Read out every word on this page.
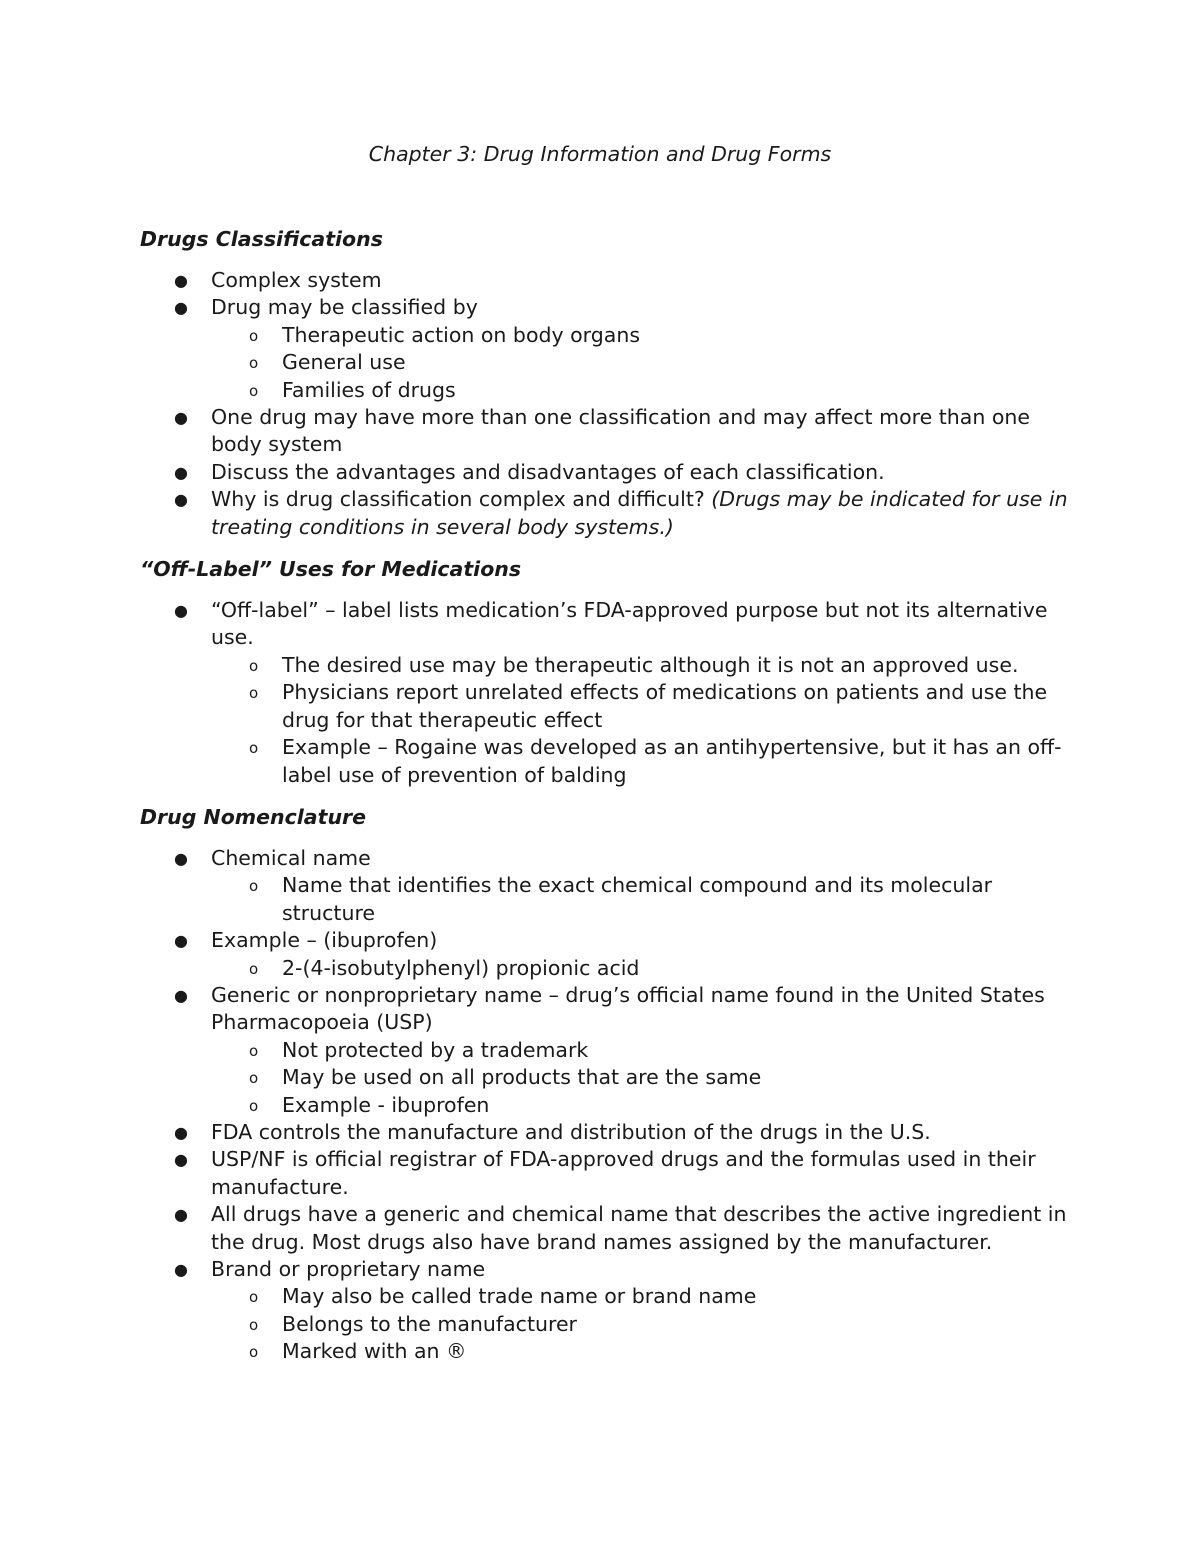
Chapter 3: Drug Information and Drug Forms
Drugs Classifications
● Complex system
● Drug may be classified by
o Therapeutic action on body organs
o General use
o Families of drugs
● One drug may have more than one classification and may affect more than one body system
● Discuss the advantages and disadvantages of each classification.
● Why is drug classification complex and difficult? (Drugs may be indicated for use in treating conditions in several body systems.)
“Off-Label” Uses for Medications
● “Off-label” – label lists medication’s FDA-approved purpose but not its alternative use.
o The desired use may be therapeutic although it is not an approved use.
o Physicians report unrelated effects of medications on patients and use the drug for that therapeutic effect
o Example – Rogaine was developed as an antihypertensive, but it has an off-label use of prevention of balding
Drug Nomenclature
● Chemical name
o Name that identifies the exact chemical compound and its molecular structure
● Example – (ibuprofen)
o 2-(4-isobutylphenyl) propionic acid
● Generic or nonproprietary name – drug’s official name found in the United States Pharmacopoeia (USP)
o Not protected by a trademark
o May be used on all products that are the same
o Example - ibuprofen
● FDA controls the manufacture and distribution of the drugs in the U.S.
● USP/NF is official registrar of FDA-approved drugs and the formulas used in their manufacture.
● All drugs have a generic and chemical name that describes the active ingredient in the drug. Most drugs also have brand names assigned by the manufacturer.
● Brand or proprietary name
o May also be called trade name or brand name
o Belongs to the manufacturer
o Marked with an ®
